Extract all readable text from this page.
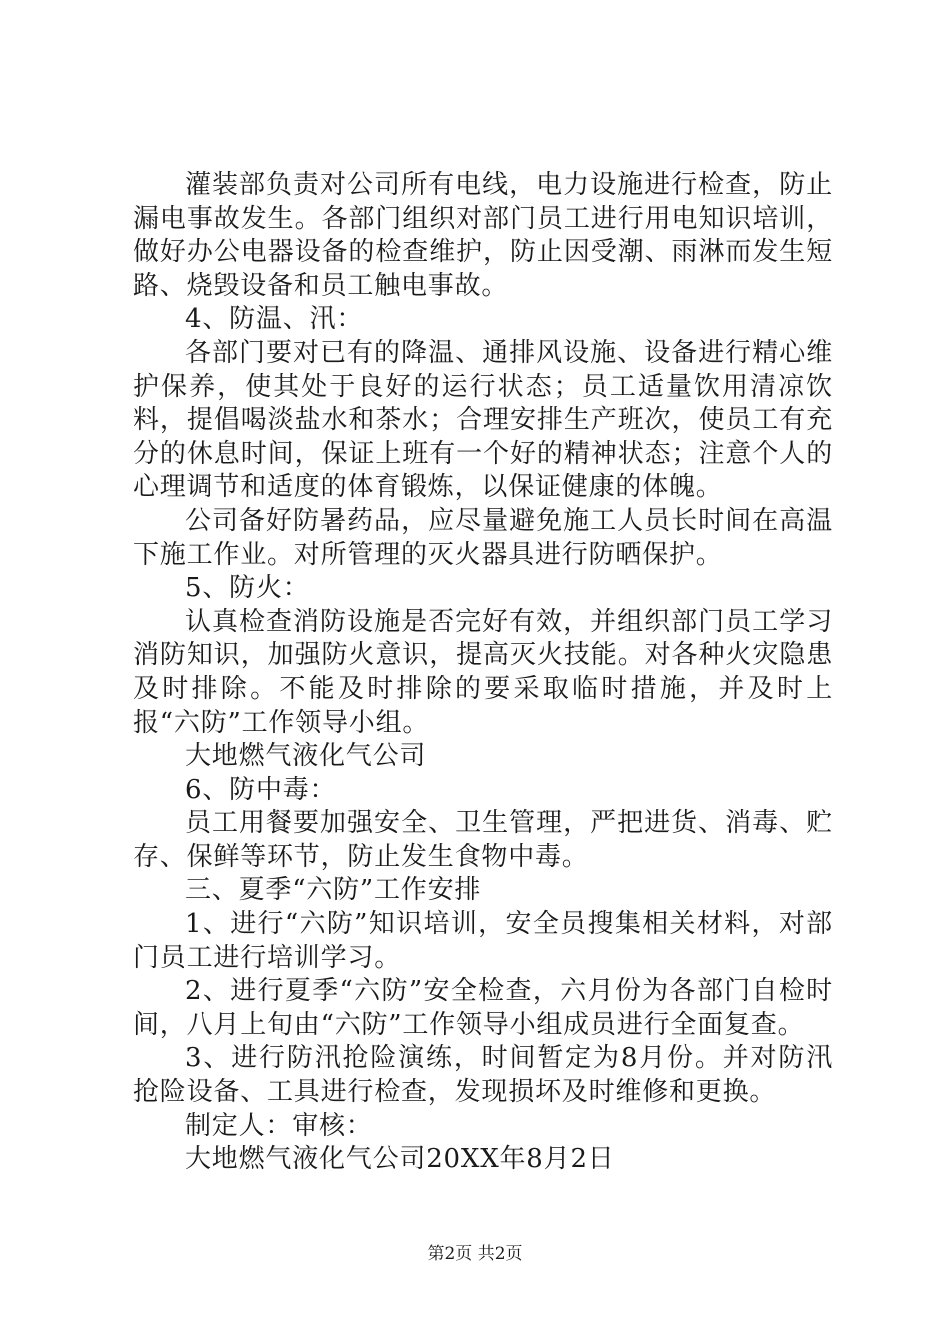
灌装部负责对公司所有电线，电力设施进行检查，防止漏电事故发生。各部门组织对部门员工进行用电知识培训，做好办公电器设备的检查维护，防止因受潮、雨淋而发生短路、烧毁设备和员工触电事故。

4、防温、汛：

各部门要对已有的降温、通排风设施、设备进行精心维护保养，使其处于良好的运行状态；员工适量饮用清凉饮料，提倡喝淡盐水和茶水；合理安排生产班次，使员工有充分的休息时间，保证上班有一个好的精神状态；注意个人的心理调节和适度的体育锻炼，以保证健康的体魄。

公司备好防暑药品，应尽量避免施工人员长时间在高温下施工作业。对所管理的灭火器具进行防晒保护。

5、防火：

认真检查消防设施是否完好有效，并组织部门员工学习消防知识，加强防火意识，提高灭火技能。对各种火灾隐患及时排除。不能及时排除的要采取临时措施，并及时上报“六防”工作领导小组。

大地燃气液化气公司

6、防中毒：

员工用餐要加强安全、卫生管理，严把进货、消毒、贮存、保鲜等环节，防止发生食物中毒。

三、夏季“六防”工作安排

1、进行“六防”知识培训，安全员搜集相关材料，对部门员工进行培训学习。

2、进行夏季“六防”安全检查，六月份为各部门自检时间，八月上旬由“六防”工作领导小组成员进行全面复查。

3、进行防汛抢险演练，时间暂定为8月份。并对防汛抢险设备、工具进行检查，发现损坏及时维修和更换。

制定人：审核：

大地燃气液化气公司20XX年8月2日

第2页 共2页
